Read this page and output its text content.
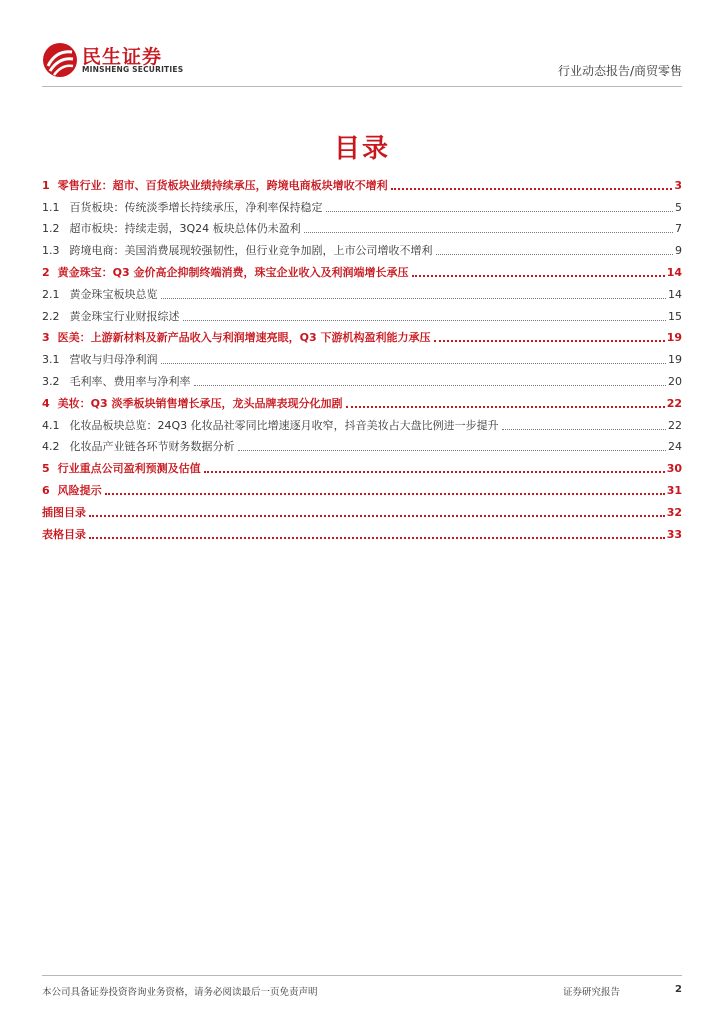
民生证券
MINSHENG SECURITIES	行业动态报告/商贸零售
目录
1 零售行业：超市、百货板块业绩持续承压，跨境电商板块增收不增利	3
1.1 百货板块：传统淡季增长持续承压，净利率保持稳定	5
1.2 超市板块：持续走弱，3Q24 板块总体仍未盈利	7
1.3 跨境电商：美国消费展现较强韧性，但行业竞争加剧，上市公司增收不增利	9
2 黄金珠宝：Q3 金价高企抑制终端消费，珠宝企业收入及利润端增长承压	14
2.1 黄金珠宝板块总览	14
2.2 黄金珠宝行业财报综述	15
3 医美：上游新材料及新产品收入与利润增速亮眼，Q3 下游机构盈利能力承压	19
3.1 营收与归母净利润	19
3.2 毛利率、费用率与净利率	20
4 美妆：Q3 淡季板块销售增长承压，龙头品牌表现分化加剧	22
4.1 化妆品板块总览：24Q3 化妆品社零同比增速逐月收窄，抖音美妆占大盘比例进一步提升	22
4.2 化妆品产业链各环节财务数据分析	24
5 行业重点公司盈利预测及估值	30
6 风险提示	31
插图目录	32
表格目录	33
本公司具备证券投资咨询业务资格，请务必阅读最后一页免责声明	证券研究报告	2
